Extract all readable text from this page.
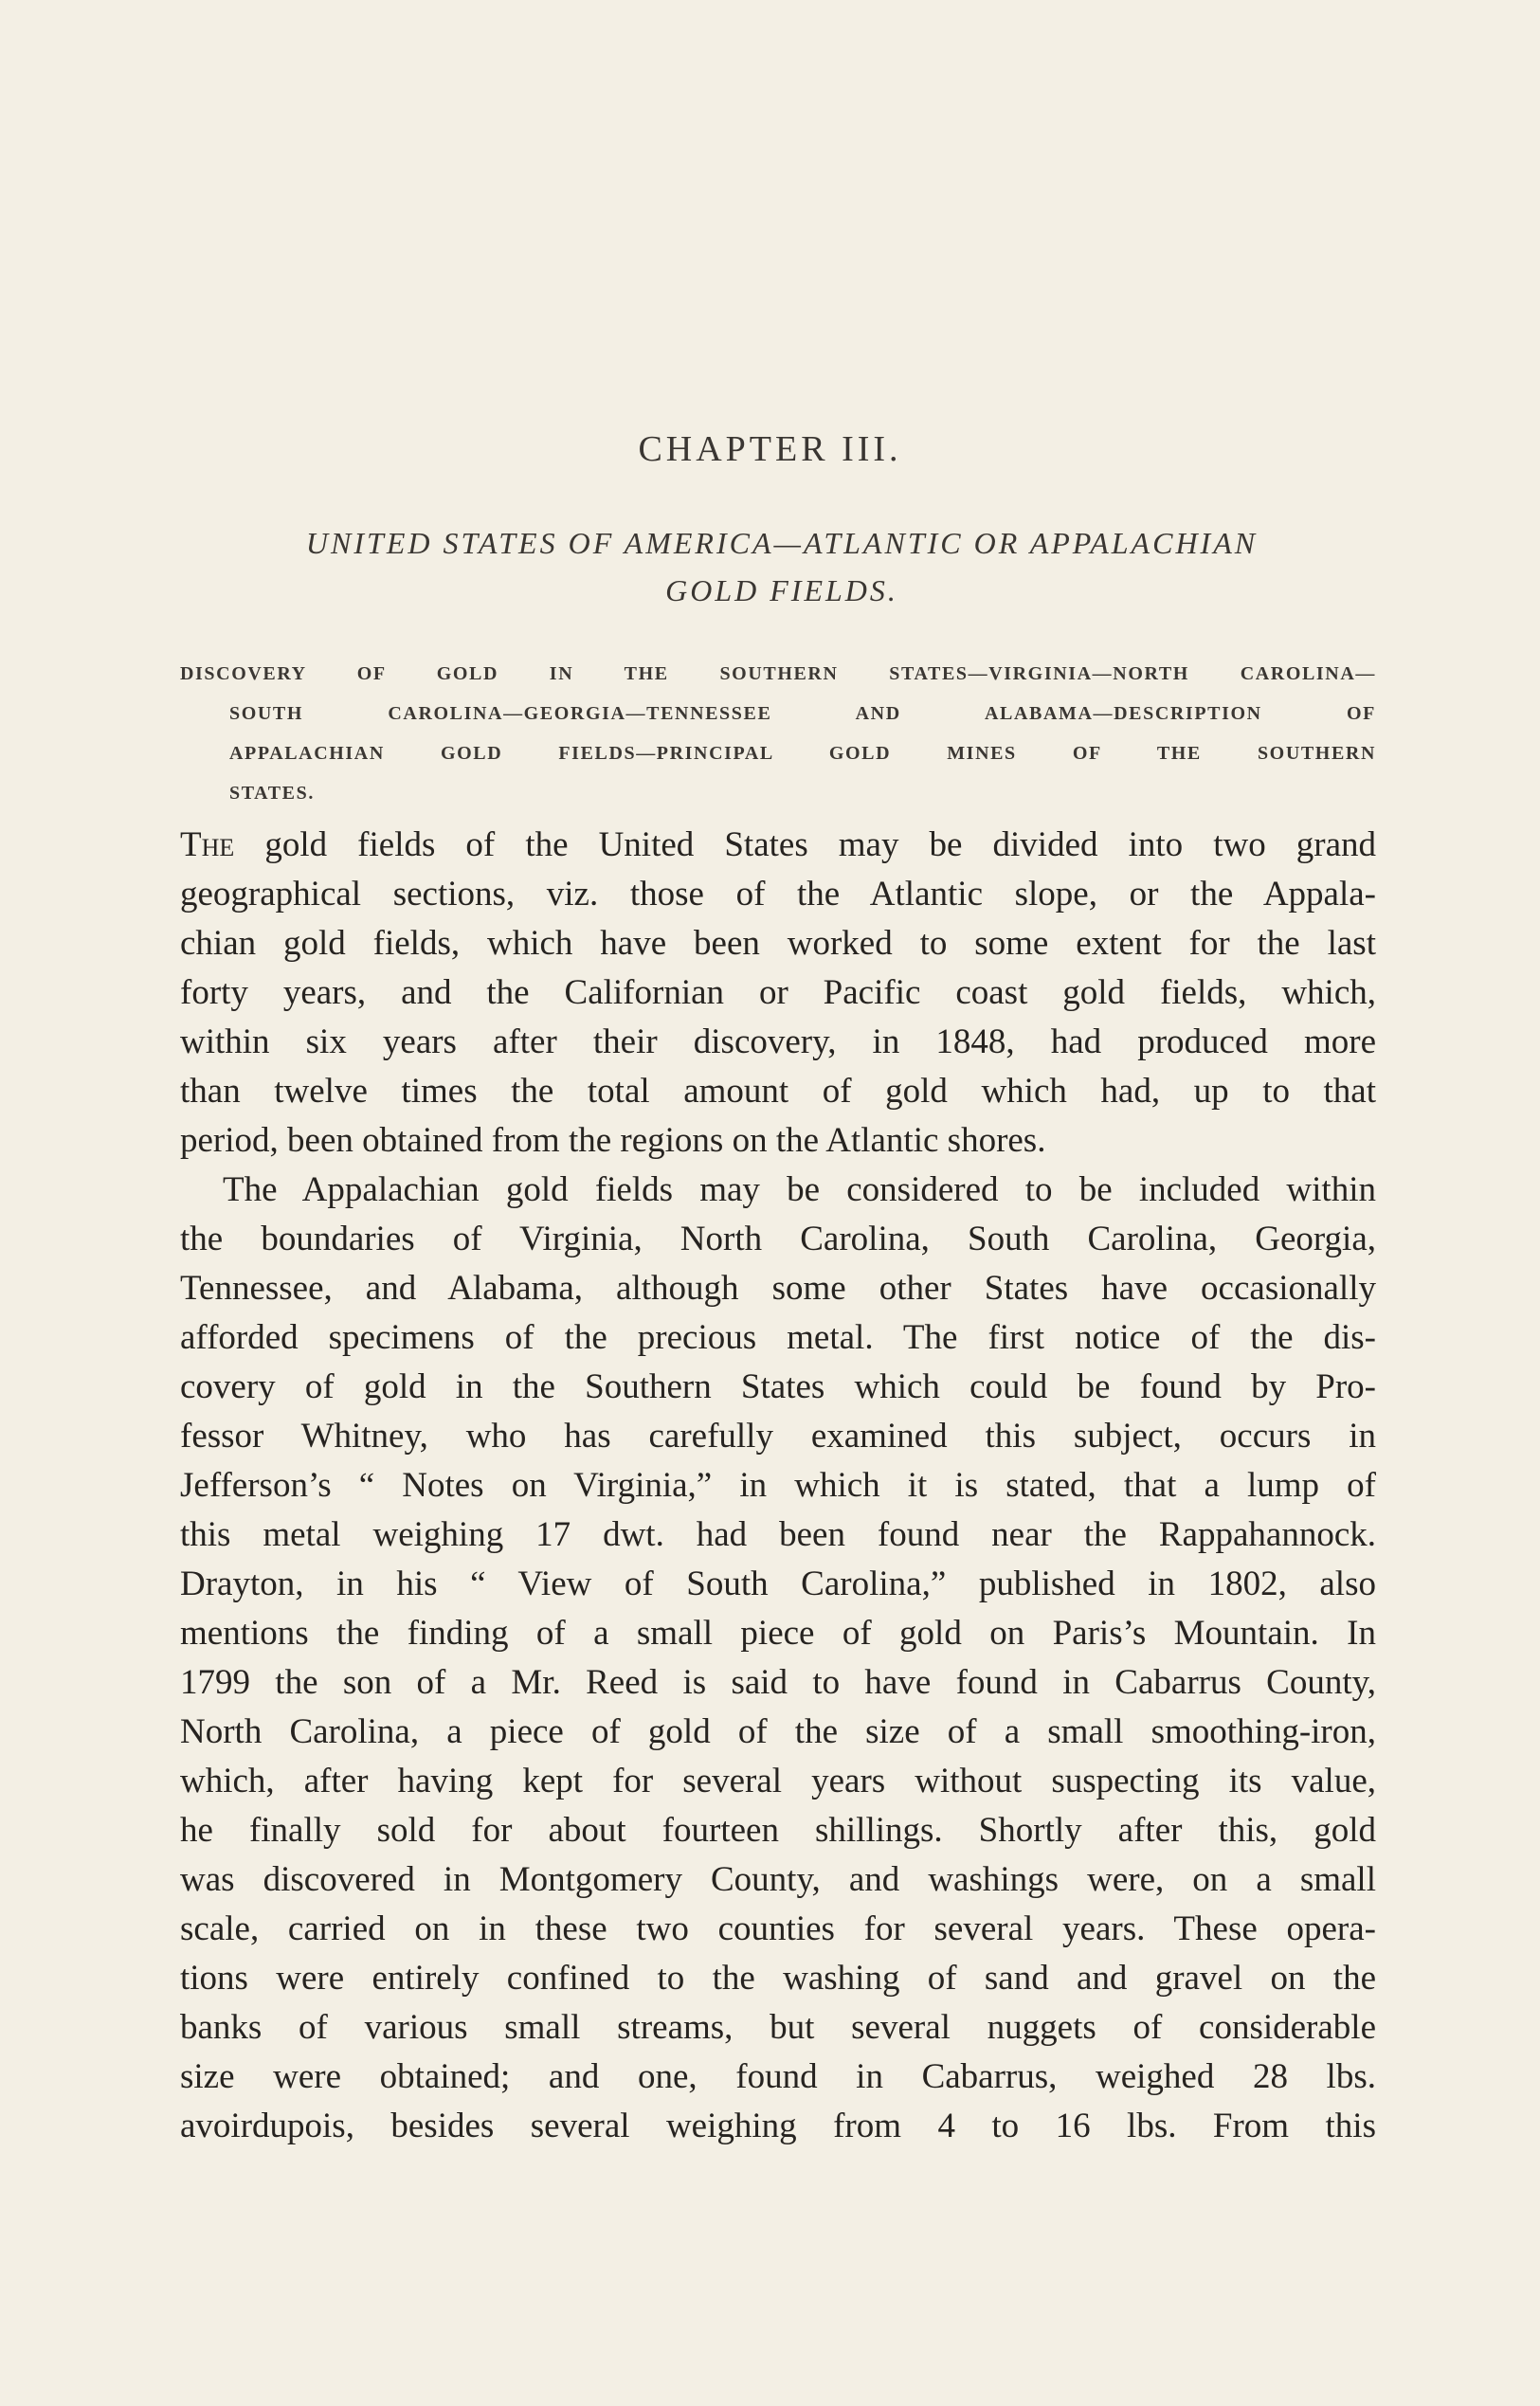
CHAPTER III.
UNITED STATES OF AMERICA—ATLANTIC OR APPALACHIAN
GOLD FIELDS.
DISCOVERY OF GOLD IN THE SOUTHERN STATES—VIRGINIA—NORTH CAROLINA—
SOUTH CAROLINA—GEORGIA—TENNESSEE AND ALABAMA—DESCRIPTION OF
APPALACHIAN GOLD FIELDS—PRINCIPAL GOLD MINES OF THE SOUTHERN
STATES.
The gold fields of the United States may be divided into two grand
geographical sections, viz. those of the Atlantic slope, or the Appala-
chian gold fields, which have been worked to some extent for the last
forty years, and the Californian or Pacific coast gold fields, which,
within six years after their discovery, in 1848, had produced more
than twelve times the total amount of gold which had, up to that
period, been obtained from the regions on the Atlantic shores.
The Appalachian gold fields may be considered to be included within
the boundaries of Virginia, North Carolina, South Carolina, Georgia,
Tennessee, and Alabama, although some other States have occasionally
afforded specimens of the precious metal. The first notice of the dis-
covery of gold in the Southern States which could be found by Pro-
fessor Whitney, who has carefully examined this subject, occurs in
Jefferson’s “ Notes on Virginia,” in which it is stated, that a lump of
this metal weighing 17 dwt. had been found near the Rappahannock.
Drayton, in his “ View of South Carolina,” published in 1802, also
mentions the finding of a small piece of gold on Paris’s Mountain. In
1799 the son of a Mr. Reed is said to have found in Cabarrus County,
North Carolina, a piece of gold of the size of a small smoothing-iron,
which, after having kept for several years without suspecting its value,
he finally sold for about fourteen shillings. Shortly after this, gold
was discovered in Montgomery County, and washings were, on a small
scale, carried on in these two counties for several years. These opera-
tions were entirely confined to the washing of sand and gravel on the
banks of various small streams, but several nuggets of considerable
size were obtained; and one, found in Cabarrus, weighed 28 lbs.
avoirdupois, besides several weighing from 4 to 16 lbs. From this
